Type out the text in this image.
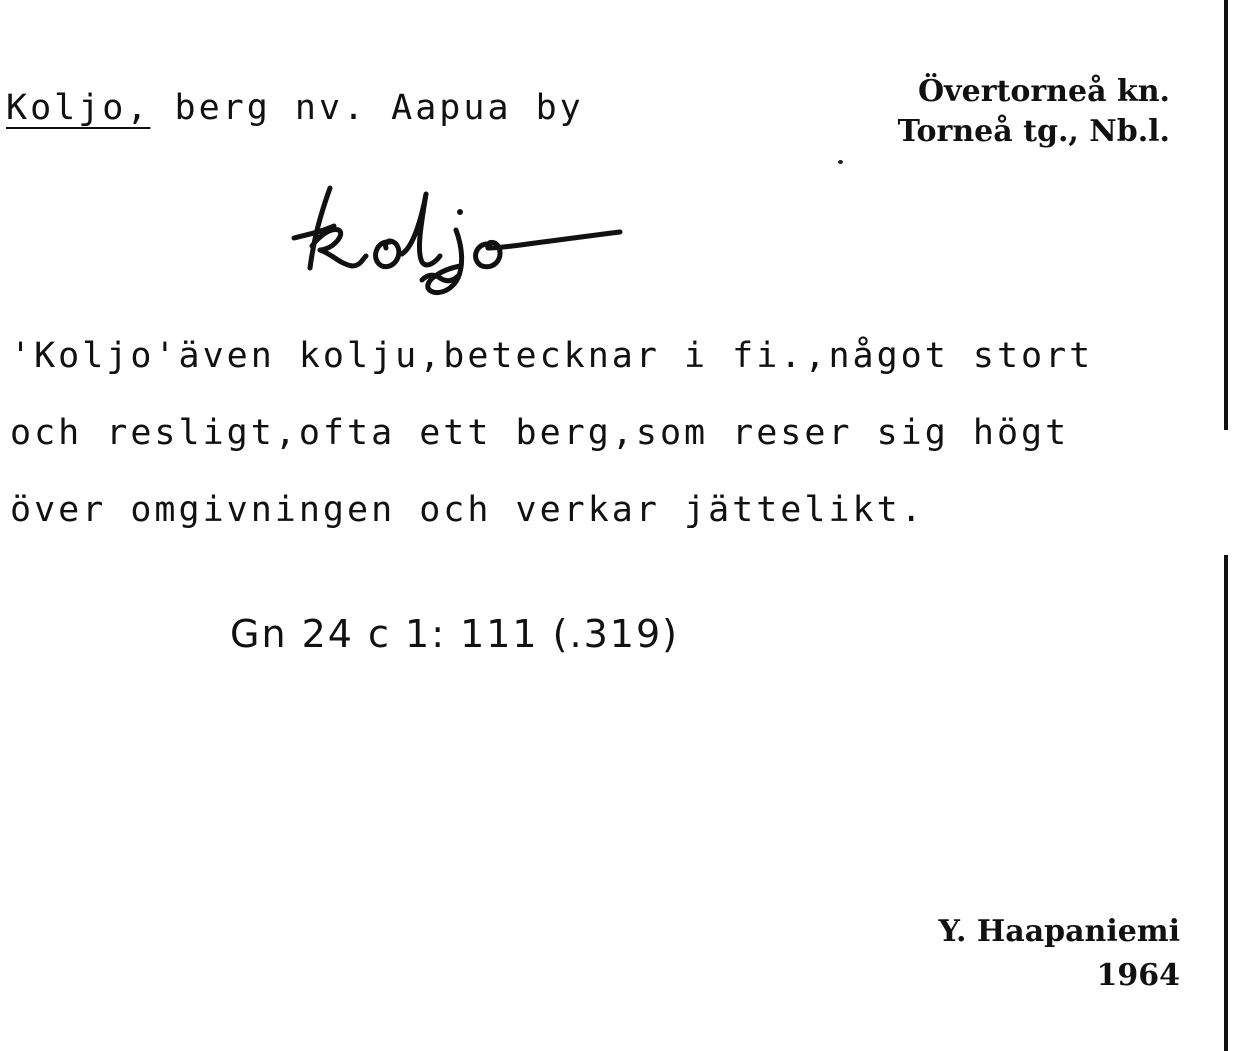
Koljo, berg nv. Aapua by	Övertorneå kn.
Torneå tg., Nb.l.
'Koljo'även kolju,betecknar i fi.,något stort
och resligt,ofta ett berg,som reser sig högt
över omgivningen och verkar jättelikt.
Gn 24 c 1: 111 (.319)
Y. Haapaniemi
1964
